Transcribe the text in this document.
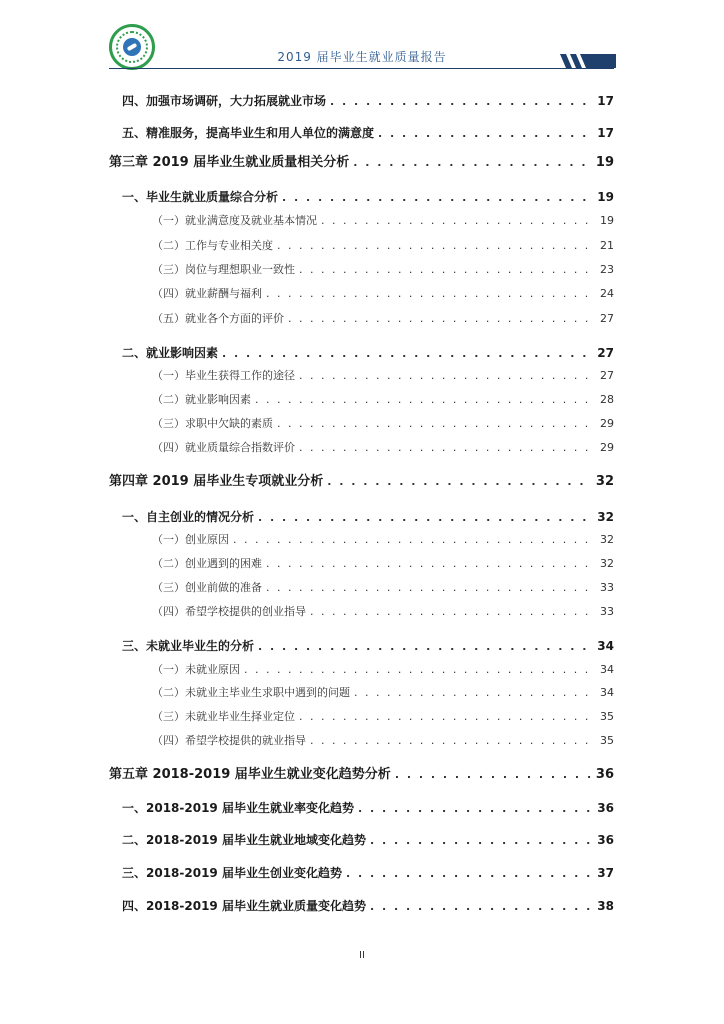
2019 届毕业生就业质量报告
四、加强市场调研，大力拓展就业市场 . . .	17
五、精准服务，提高毕业生和用人单位的满意度 . . .	17
第三章 2019 届毕业生就业质量相关分析 . . .	19
一、毕业生就业质量综合分析 . . .	19
（一）就业满意度及就业基本情况 . . .	19
（二）工作与专业相关度 . . .	21
（三）岗位与理想职业一致性 . . .	23
（四）就业薪酬与福利 . . .	24
（五）就业各个方面的评价 . . .	27
二、就业影响因素 . . .	27
（一）毕业生获得工作的途径 . . .	27
（二）就业影响因素 . . .	28
（三）求职中欠缺的素质 . . .	29
（四）就业质量综合指数评价 . . .	29
第四章 2019 届毕业生专项就业分析 . . .	32
一、自主创业的情况分析 . . .	32
（一）创业原因 . . .	32
（二）创业遇到的困难 . . .	32
（三）创业前做的准备 . . .	33
（四）希望学校提供的创业指导 . . .	33
三、未就业毕业生的分析 . . .	34
（一）未就业原因 . . .	34
（二）未就业主毕业生求职中遇到的问题 . . .	34
（三）未就业毕业生择业定位 . . .	35
（四）希望学校提供的就业指导 . . .	35
第五章 2018-2019 届毕业生就业变化趋势分析 . . .	36
一、2018-2019 届毕业生就业率变化趋势 . . .	36
二、2018-2019 届毕业生就业地域变化趋势 . . .	36
三、2018-2019 届毕业生创业变化趋势 . . .	37
四、2018-2019 届毕业生就业质量变化趋势 . . .	38
II
